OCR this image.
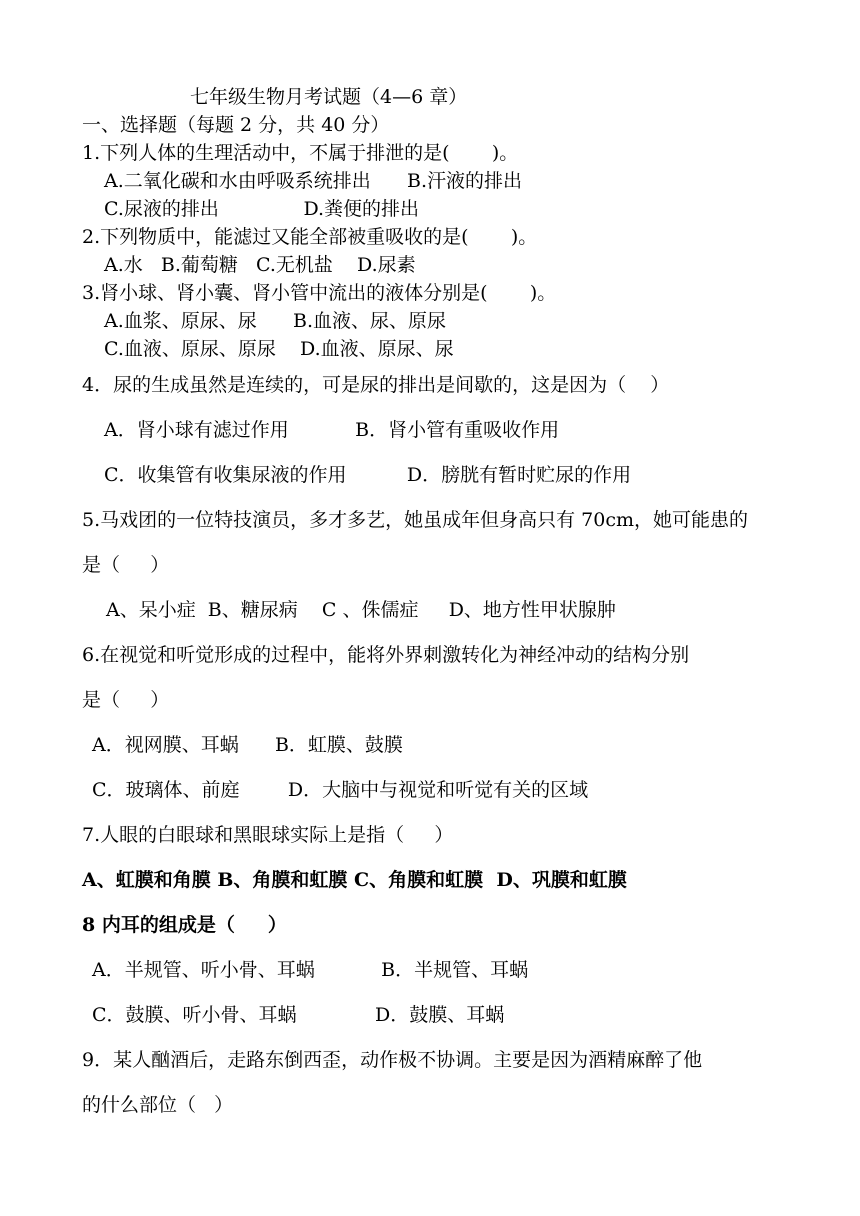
七年级生物月考试题（4—6 章）
一、选择题（每题 2 分，共 40 分）
1.下列人体的生理活动中，不属于排泄的是(       )。
A.二氧化碳和水由呼吸系统排出      B.汗液的排出
C.尿液的排出              D.粪便的排出
2.下列物质中，能滤过又能全部被重吸收的是(       )。
A.水   B.葡萄糖   C.无机盐    D.尿素
3.肾小球、肾小囊、肾小管中流出的液体分别是(       )。
A.血浆、原尿、尿      B.血液、尿、原尿
C.血液、原尿、原尿    D.血液、原尿、尿
4．尿的生成虽然是连续的，可是尿的排出是间歇的，这是因为（    ）
A．肾小球有滤过作用           B．肾小管有重吸收作用
C．收集管有收集尿液的作用          D．膀胱有暂时贮尿的作用
5.马戏团的一位特技演员，多才多艺，她虽成年但身高只有 70cm，她可能患的
是（     ）
A、呆小症  B、糖尿病    C 、侏儒症     D、地方性甲状腺肿
6.在视觉和听觉形成的过程中，能将外界刺激转化为神经冲动的结构分别
是（     ）
A．视网膜、耳蜗      B．虹膜、鼓膜
C．玻璃体、前庭        D．大脑中与视觉和听觉有关的区域
7.人眼的白眼球和黑眼球实际上是指（     ）
A、虹膜和角膜 B、角膜和虹膜 C、角膜和虹膜  D、巩膜和虹膜
8 内耳的组成是（     ）
A．半规管、听小骨、耳蜗           B．半规管、耳蜗
C．鼓膜、听小骨、耳蜗             D．鼓膜、耳蜗
9．某人酗酒后，走路东倒西歪，动作极不协调。主要是因为酒精麻醉了他
的什么部位（   ）
